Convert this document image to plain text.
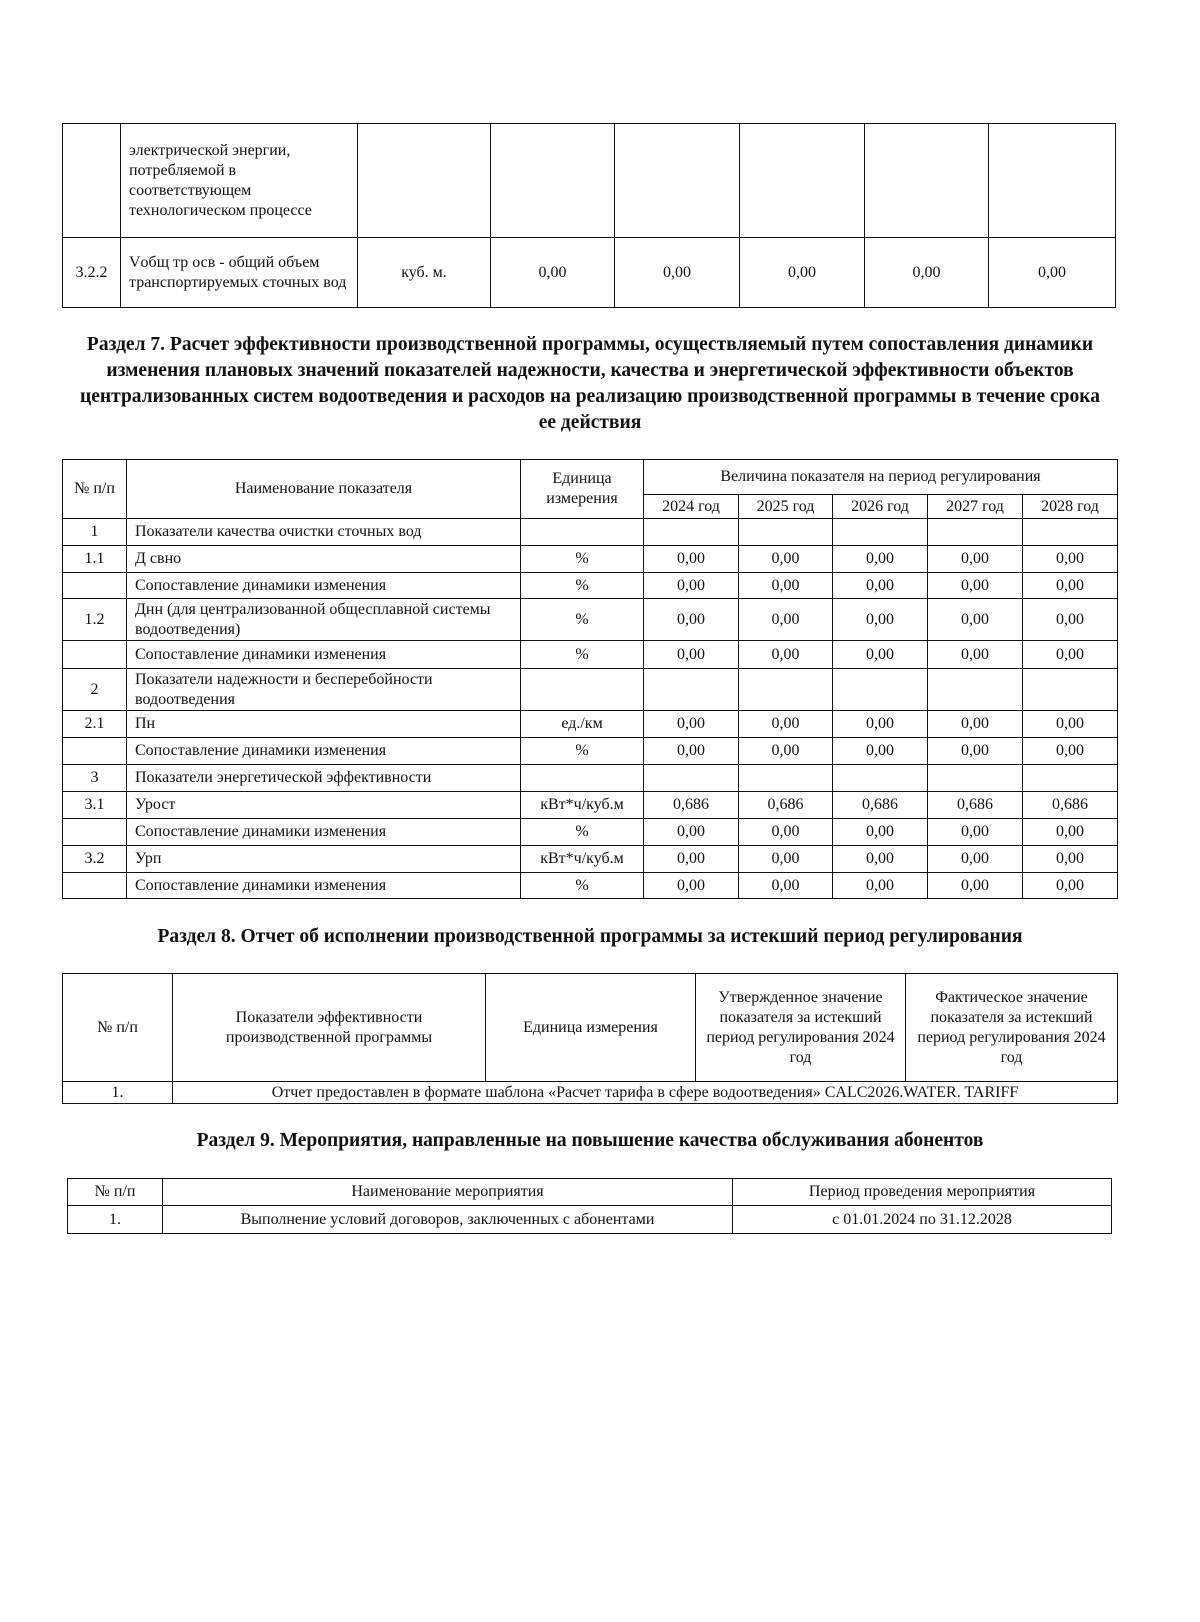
	электрической энергии, потребляемой в соответствующем технологическом процессе						
3.2.2	Vобщ тр осв - общий объем транспортируемых сточных вод	куб. м.	0,00	0,00	0,00	0,00	0,00
Раздел 7. Расчет эффективности производственной программы, осуществляемый путем сопоставления динамики изменения плановых значений показателей надежности, качества и энергетической эффективности объектов централизованных систем водоотведения и расходов на реализацию производственной программы в течение срока ее действия
№ п/п	Наименование показателя	Единица измерения	Величина показателя на период регулирования				
			2024 год	2025 год	2026 год	2027 год	2028 год
1	Показатели качества очистки сточных вод						
1.1	Д свно	%	0,00	0,00	0,00	0,00	0,00
	Сопоставление динамики изменения	%	0,00	0,00	0,00	0,00	0,00
1.2	Днн (для централизованной общесплавной системы водоотведения)	%	0,00	0,00	0,00	0,00	0,00
	Сопоставление динамики изменения	%	0,00	0,00	0,00	0,00	0,00
2	Показатели надежности и бесперебойности водоотведения						
2.1	Пн	ед./км	0,00	0,00	0,00	0,00	0,00
	Сопоставление динамики изменения	%	0,00	0,00	0,00	0,00	0,00
3	Показатели энергетической эффективности						
3.1	Урост	кВт*ч/куб.м	0,686	0,686	0,686	0,686	0,686
	Сопоставление динамики изменения	%	0,00	0,00	0,00	0,00	0,00
3.2	Урп	кВт*ч/куб.м	0,00	0,00	0,00	0,00	0,00
	Сопоставление динамики изменения	%	0,00	0,00	0,00	0,00	0,00
Раздел 8. Отчет об исполнении производственной программы за истекший период регулирования
№ п/п	Показатели эффективности производственной программы	Единица измерения	Утвержденное значение показателя за истекший период регулирования 2024 год	Фактическое значение показателя за истекший период регулирования 2024 год
1.	Отчет предоставлен в формате шаблона «Расчет тарифа в сфере водоотведения» CALC2026.WATER. TARIFF			
Раздел 9. Мероприятия, направленные на повышение качества обслуживания абонентов
№ п/п	Наименование мероприятия	Период проведения мероприятия
1.	Выполнение условий договоров, заключенных с абонентами	с 01.01.2024 по 31.12.2028
